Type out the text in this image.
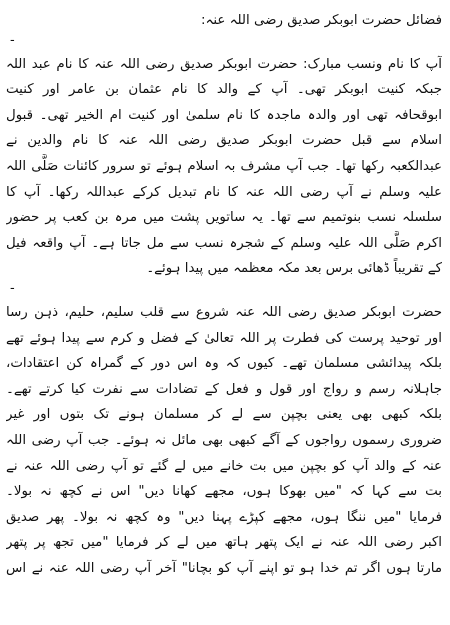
فضائل حضرت ابوبکر صدیق رضی اللہ عنہ:
-
آپ کا نام ونسب مبارک: حضرت ابوبکر صدیق رضی اللہ عنہ کا نام عبد اللہ
جبکہ کنیت ابوبکر تھی۔ آپ کے والد کا نام عثمان بن عامر اور کنیت
ابوقحافہ تھی اور والدہ ماجدہ کا نام سلمیٰ اور کنیت ام الخیر تھی۔ قبول
اسلام سے قبل حضرت ابوبکر صدیق رضی اللہ عنہ کا نام والدین نے
عبدالکعبہ رکھا تھا۔ جب آپ مشرف بہ اسلام ہوئے تو سرور کائنات صَلَّی اللہ
علیہ وسلم نے آپ رضی اللہ عنہ کا نام تبدیل کرکے عبداللہ رکھا۔ آپ کا
سلسلہ نسب بنوتمیم سے تھا۔ یہ ساتویں پشت میں مرہ بن کعب پر حضور
اکرم صَلَّی اللہ علیہ وسلم کے شجرہ نسب سے مل جاتا ہے۔ آپ واقعہ فیل
کے تقریباً ڈھائی برس بعد مکہ معظمہ میں پیدا ہوئے۔
-
حضرت ابوبکر صدیق رضی اللہ عنہ شروع سے قلب سلیم، حلیم، ذہن رسا
اور توحید پرست کی فطرت پر اللہ تعالیٰ کے فضل و کرم سے پیدا ہوئے تھے
بلکہ پیدائشی مسلمان تھے۔ کیوں کہ وہ اس دور کے گمراہ کن اعتقادات،
جاہلانہ رسم و رواج اور قول و فعل کے تضادات سے نفرت کیا کرتے تھے۔
بلکہ کبھی بھی یعنی بچپن سے لے کر مسلمان ہونے تک بتوں اور غیر
ضروری رسموں رواجوں کے آگے کبھی بھی مائل نہ ہوئے۔ جب آپ رضی اللہ
عنہ کے والد آپ کو بچپن میں بت خانے میں لے گئے تو آپ رضی اللہ عنہ نے
بت سے کہا کہ "میں بھوکا ہوں، مجھے کھانا دیں" اس نے کچھ نہ بولا۔
فرمایا "میں ننگا ہوں، مجھے کپڑے پہنا دیں" وہ کچھ نہ بولا۔ پھر صدیق
اکبر رضی اللہ عنہ نے ایک پتھر ہاتھ میں لے کر فرمایا "میں تجھ پر پتھر
مارتا ہوں اگر تم خدا ہو تو اپنے آپ کو بچانا" آخر آپ رضی اللہ عنہ نے اس
